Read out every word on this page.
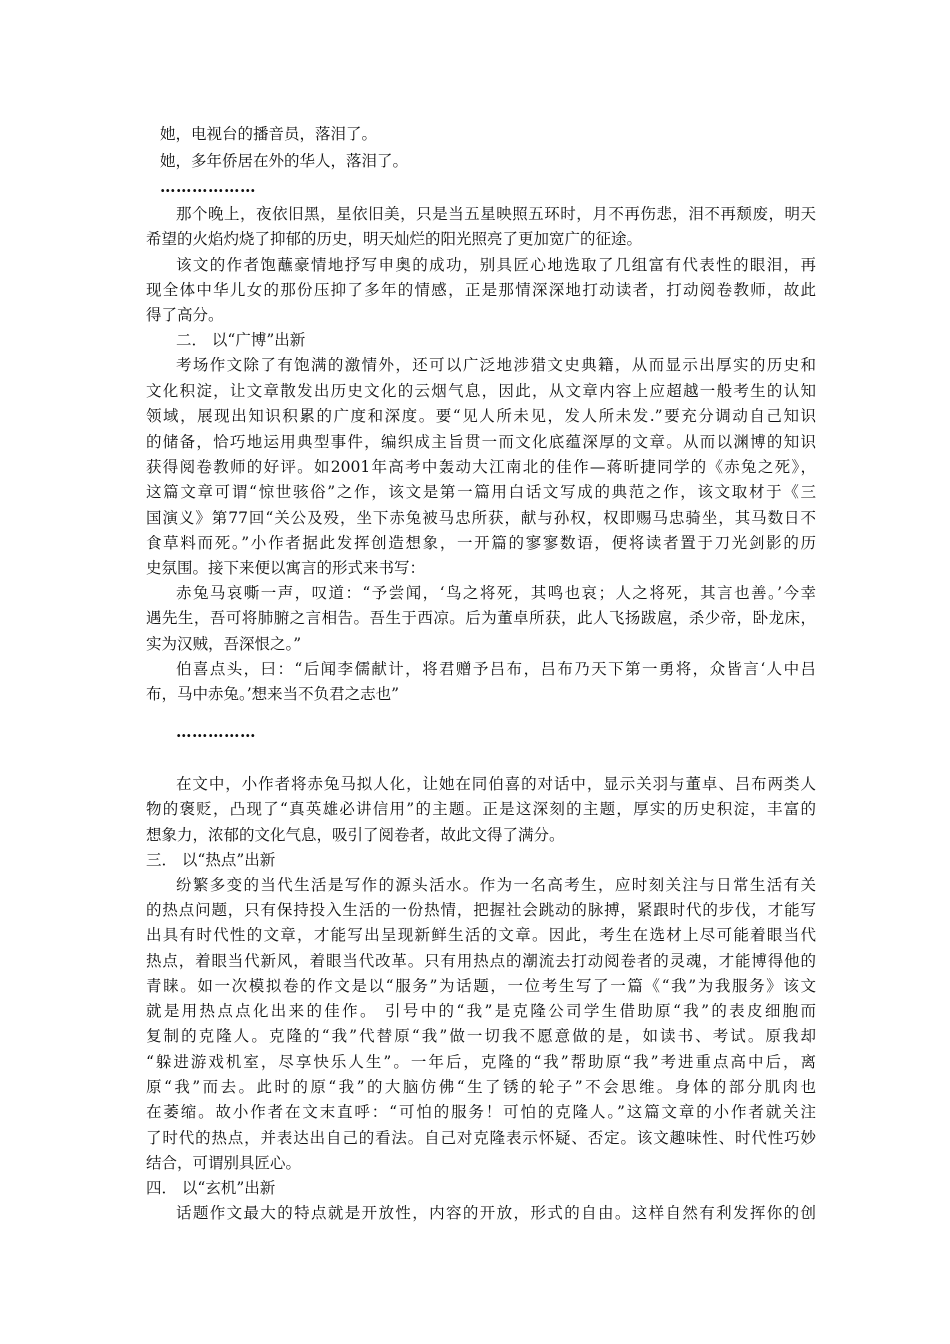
她，电视台的播音员，落泪了。
她，多年侨居在外的华人，落泪了。
………………
那个晚上，夜依旧黑，星依旧美，只是当五星映照五环时，月不再伤悲，泪不再颓废，明天
希望的火焰灼烧了抑郁的历史，明天灿烂的阳光照亮了更加宽广的征途。
该文的作者饱蘸豪情地抒写申奥的成功，别具匠心地选取了几组富有代表性的眼泪，再
现全体中华儿女的那份压抑了多年的情感，正是那情深深地打动读者，打动阅卷教师，故此
得了高分。
二． 以“广博”出新
考场作文除了有饱满的激情外，还可以广泛地涉猎文史典籍，从而显示出厚实的历史和
文化积淀，让文章散发出历史文化的云烟气息，因此，从文章内容上应超越一般考生的认知
领域，展现出知识积累的广度和深度。要“见人所未见，发人所未发.”要充分调动自己知识
的储备，恰巧地运用典型事件，编织成主旨贯一而文化底蕴深厚的文章。从而以渊博的知识
获得阅卷教师的好评。如2001年高考中轰动大江南北的佳作—蒋昕捷同学的《赤兔之死》，
这篇文章可谓“惊世骇俗”之作，该文是第一篇用白话文写成的典范之作，该文取材于《三
国演义》第77回“关公及殁，坐下赤兔被马忠所获，献与孙权，权即赐马忠骑坐，其马数日不
食草料而死。”小作者据此发挥创造想象，一开篇的寥寥数语，便将读者置于刀光剑影的历
史氛围。接下来便以寓言的形式来书写：
赤兔马哀嘶一声，叹道：“予尝闻，‘鸟之将死，其鸣也哀；人之将死，其言也善。’今幸
遇先生，吾可将肺腑之言相告。吾生于西凉。后为董卓所获，此人飞扬跋扈，杀少帝，卧龙床，
实为汉贼，吾深恨之。”
伯喜点头，曰：“后闻李儒献计，将君赠予吕布，吕布乃天下第一勇将，众皆言‘人中吕
布，马中赤兔。’想来当不负君之志也”
……………
在文中，小作者将赤兔马拟人化，让她在同伯喜的对话中，显示关羽与董卓、吕布两类人
物的褒贬，凸现了“真英雄必讲信用”的主题。正是这深刻的主题，厚实的历史积淀，丰富的
想象力，浓郁的文化气息，吸引了阅卷者，故此文得了满分。
三． 以“热点”出新
纷繁多变的当代生活是写作的源头活水。作为一名高考生，应时刻关注与日常生活有关
的热点问题，只有保持投入生活的一份热情，把握社会跳动的脉搏，紧跟时代的步伐，才能写
出具有时代性的文章，才能写出呈现新鲜生活的文章。因此，考生在选材上尽可能着眼当代
热点，着眼当代新风，着眼当代改革。只有用热点的潮流去打动阅卷者的灵魂，才能博得他的
青睐。如一次模拟卷的作文是以“服务”为话题，一位考生写了一篇《“我”为我服务》该文
就是用热点点化出来的佳作。 引号中的“我”是克隆公司学生借助原“我”的表皮细胞而
复制的克隆人。克隆的“我”代替原“我”做一切我不愿意做的是，如读书、考试。原我却
“躲进游戏机室，尽享快乐人生”。一年后，克隆的“我”帮助原“我”考进重点高中后，离
原“我”而去。此时的原“我”的大脑仿佛“生了锈的轮子”不会思维。身体的部分肌肉也
在萎缩。故小作者在文末直呼：“可怕的服务！可怕的克隆人。”这篇文章的小作者就关注
了时代的热点，并表达出自己的看法。自己对克隆表示怀疑、否定。该文趣味性、时代性巧妙
结合，可谓别具匠心。
四． 以“玄机”出新
话题作文最大的特点就是开放性，内容的开放，形式的自由。这样自然有利发挥你的创
